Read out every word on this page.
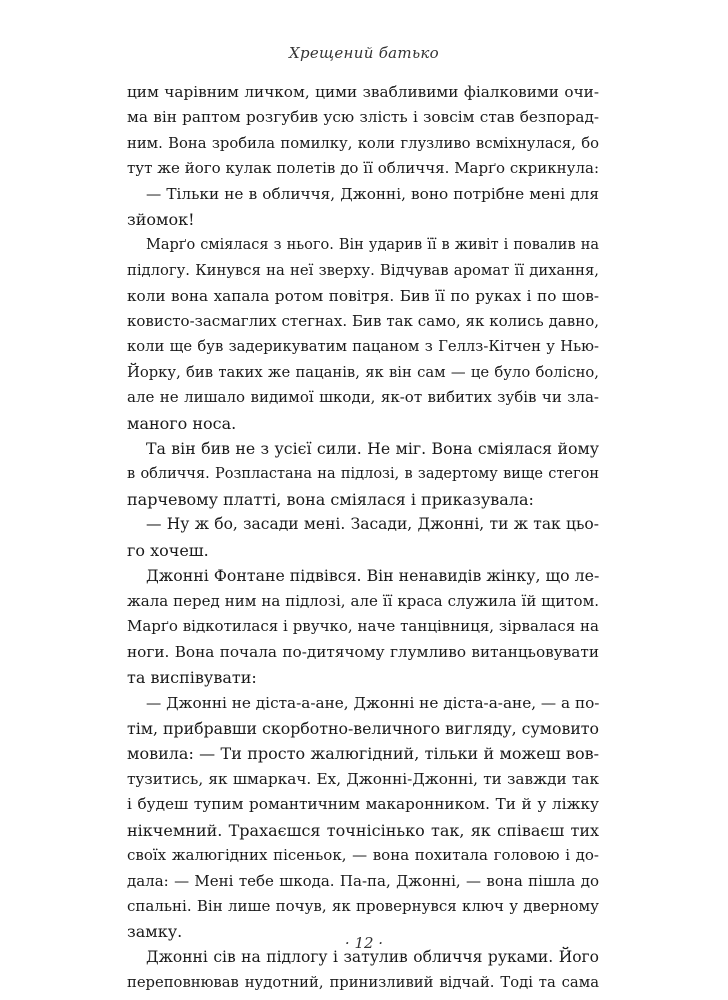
Хрещений батько
цим чарівним личком, цими звабливими фіалковими очи-
ма він раптом розгубив усю злість і зовсім став безпорад-
ним. Вона зробила помилку, коли глузливо всміхнулася, бо
тут же його кулак полетів до її обличчя. Марґо скрикнула:
— Тільки не в обличчя, Джонні, воно потрібне мені для
зйомок!
Марґо сміялася з нього. Він ударив її в живіт і повалив на
підлогу. Кинувся на неї зверху. Відчував аромат її дихання,
коли вона хапала ротом повітря. Бив її по руках і по шов-
ковисто-засмаглих стегнах. Бив так само, як колись давно,
коли ще був задерикуватим пацаном з Геллз-Кітчен у Нью-
Йорку, бив таких же пацанів, як він сам — це було болісно,
але не лишало видимої шкоди, як-от вибитих зубів чи зла-
маного носа.
Та він бив не з усієї сили. Не міг. Вона сміялася йому
в обличчя. Розпластана на підлозі, в задертому вище стегон
парчевому платті, вона сміялася і приказувала:
— Ну ж бо, засади мені. Засади, Джонні, ти ж так цьо-
го хочеш.
Джонні Фонтане підвівся. Він ненавидів жінку, що ле-
жала перед ним на підлозі, але її краса служила їй щитом.
Марґо відкотилася і рвучко, наче танцівниця, зірвалася на
ноги. Вона почала по-дитячому глумливо витанцьовувати
та виспівувати:
— Джонні не діста-а-ане, Джонні не діста-а-ане, — а по-
тім, прибравши скорботно-величного вигляду, сумовито
мовила: — Ти просто жалюгідний, тільки й можеш вов-
тузитись, як шмаркач. Ех, Джонні-Джонні, ти завжди так
і будеш тупим романтичним макаронником. Ти й у ліжку
нікчемний. Трахаєшся точнісінько так, як співаєш тих
своїх жалюгідних пісеньок, — вона похитала головою і до-
дала: — Мені тебе шкода. Па-па, Джонні, — вона пішла до
спальні. Він лише почув, як провернувся ключ у дверному
замку.
Джонні сів на підлогу і затулив обличчя руками. Його
переповнював нудотний, принизливий відчай. Тоді та сама
· 12 ·
